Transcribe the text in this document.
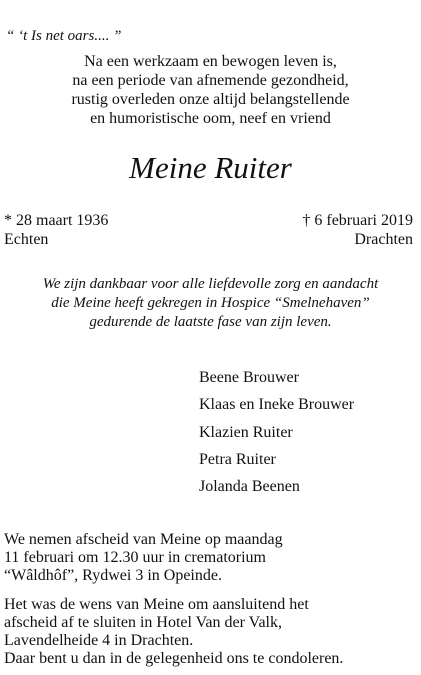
“ ‘t Is net oars.... ”
Na een werkzaam en bewogen leven is,
na een periode van afnemende gezondheid,
rustig overleden onze altijd belangstellende
en humoristische oom, neef en vriend
Meine Ruiter
* 28 maart 1936
Echten
† 6 februari 2019
Drachten
We zijn dankbaar voor alle liefdevolle zorg en aandacht
die Meine heeft gekregen in Hospice “Smelnehaven”
gedurende de laatste fase van zijn leven.
Beene Brouwer
Klaas en Ineke Brouwer
Klazien Ruiter
Petra Ruiter
Jolanda Beenen
We nemen afscheid van Meine op maandag
11 februari om 12.30 uur in crematorium
“Wâldhôf”, Rydwei 3 in Opeinde.
Het was de wens van Meine om aansluitend het
afscheid af te sluiten in Hotel Van der Valk,
Lavendelheide 4 in Drachten.
Daar bent u dan in de gelegenheid ons te condoleren.
